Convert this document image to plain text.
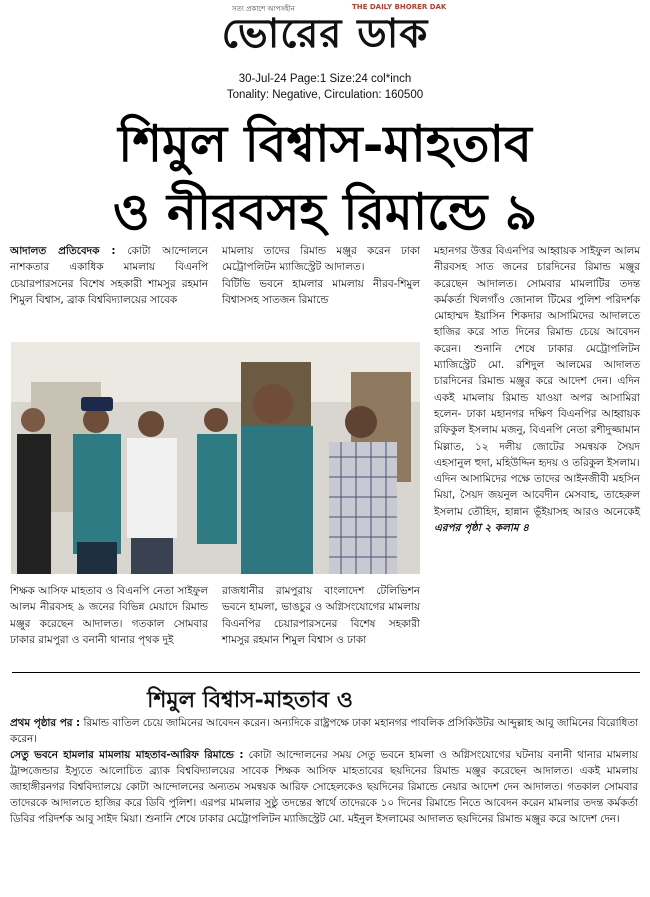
সত্য প্রকাশে আপসহীন	THE DAILY BHORER DAK
ভোরের ডাক
30-Jul-24 Page:1 Size:24 col*inch
Tonality: Negative, Circulation: 160500
শিমুল বিশ্বাস-মাহতাব
ও নীরবসহ রিমান্ডে ৯

আদালত প্রতিবেদক : কোটা আন্দোলনে নাশকতার একাধিক মামলায় বিএনপি চেয়ারপারসনের বিশেষ সহকারী শামসুর রহমান শিমুল বিশ্বাস, ব্রাক বিশ্ববিদ্যালয়ের সাবেক

মামলায় তাদের রিমান্ড মঞ্জুর করেন ঢাকা মেট্রোপলিটন ম্যাজিস্ট্রেট আদালত।

বিটিভি ভবনে হামলার মামলায় নীরব-শিমুল বিশ্বাসসহ সাতজন রিমান্ডে

মহানগর উত্তর বিএনপির আহ্বায়ক সাইফুল আলম নীরবসহ সাত জনের চারদিনের রিমান্ড মঞ্জুর করেছেন আদালত। সোমবার মামলাটির তদন্ত কর্মকর্তা খিলগাঁও জোনাল টিমের পুলিশ পরিদর্শক মোহাম্মদ ইয়াসিন শিকদার আসামিদের আদালতে হাজির করে সাত দিনের রিমান্ড চেয়ে আবেদন করেন। শুনানি শেষে ঢাকার মেট্রোপলিটন ম্যাজিস্ট্রেট মো. রশিদুল আলমের আদালত চারদিনের রিমান্ড মঞ্জুর করে আদেশ দেন। এদিন একই মামলায় রিমান্ড যাওয়া অপর আসামিরা হলেন- ঢাকা মহানগর দক্ষিণ বিএনপির আহ্বায়ক রফিকুল ইসলাম মজনু, বিএনপি নেতা রশীদুজ্জামান মিল্লাত, ১২ দলীয় জোটের সমন্বয়ক সৈয়দ এহসানুল হুদা, মহিউদ্দিন হৃদয় ও তরিকুল ইসলাম।

এদিন আসামিদের পক্ষে তাদের আইনজীবী মহসিন মিয়া, সৈয়দ জয়নুল আবেদীন মেসবাহ, তাহেরুল ইসলাম তৌহিদ, হান্নান ভূঁইয়াসহ আরও অনেকেই এরপর পৃষ্ঠা ২ কলাম ৪

শিক্ষক আসিফ মাহতাব ও বিএনপি নেতা সাইফুল আলম নীরবসহ ৯ জনের বিভিন্ন মেয়াদে রিমান্ড মঞ্জুর করেছেন আদালত। গতকাল সোমবার ঢাকার রামপুরা ও বনানী থানার পৃথক দুই

রাজধানীর রামপুরায় বাংলাদেশ টেলিভিশন ভবনে হামলা, ভাঙচুর ও অগ্নিসংযোগের মামলায় বিএনপির চেয়ারপারসনের বিশেষ সহকারী শামসুর রহমান শিমুল বিশ্বাস ও ঢাকা

শিমুল বিশ্বাস-মাহতাব ও

প্রথম পৃষ্ঠার পর : রিমান্ড বাতিল চেয়ে জামিনের আবেদন করেন। অন্যদিকে রাষ্ট্রপক্ষে ঢাকা মহানগর পাবলিক প্রসিকিউটর আব্দুল্লাহ আবু জামিনের বিরোধিতা করেন।

সেতু ভবনে হামলার মামলায় মাহতাব-আরিফ রিমান্ডে : কোটা আন্দোলনের সময় সেতু ভবনে হামলা ও অগ্নিসংযোগের ঘটনায় বনানী থানার মামলায় ট্রান্সজেন্ডার ইস্যুতে আলোচিত ব্র্যাক বিশ্ববিদ্যালয়ের সাবেক শিক্ষক আসিফ মাহতাবের ছয়দিনের রিমান্ড মঞ্জুর করেছেন আদালত। একই মামলায় জাহাঙ্গীরনগর বিশ্ববিদ্যালয়ে কোটা আন্দোলনের অন্যতম সমন্বয়ক আরিফ সোহেলকেও ছয়দিনের রিমান্ডে নেয়ার আদেশ দেন আদালত। গতকাল সোমবার তাদেরকে আদালতে হাজির করে ডিবি পুলিশ। এরপর মামলার সুষ্ঠু তদন্তের স্বার্থে তাদেরকে ১০ দিনের রিমান্ডে নিতে আবেদন করেন মামলার তদন্ত কর্মকর্তা ডিবির পরিদর্শক আবু সাইদ মিয়া। শুনানি শেষে ঢাকার মেট্রোপলিটন ম্যাজিস্ট্রেট মো. মইনুল ইসলামের আদালত ছয়দিনের রিমান্ড মঞ্জুর করে আদেশ দেন।
